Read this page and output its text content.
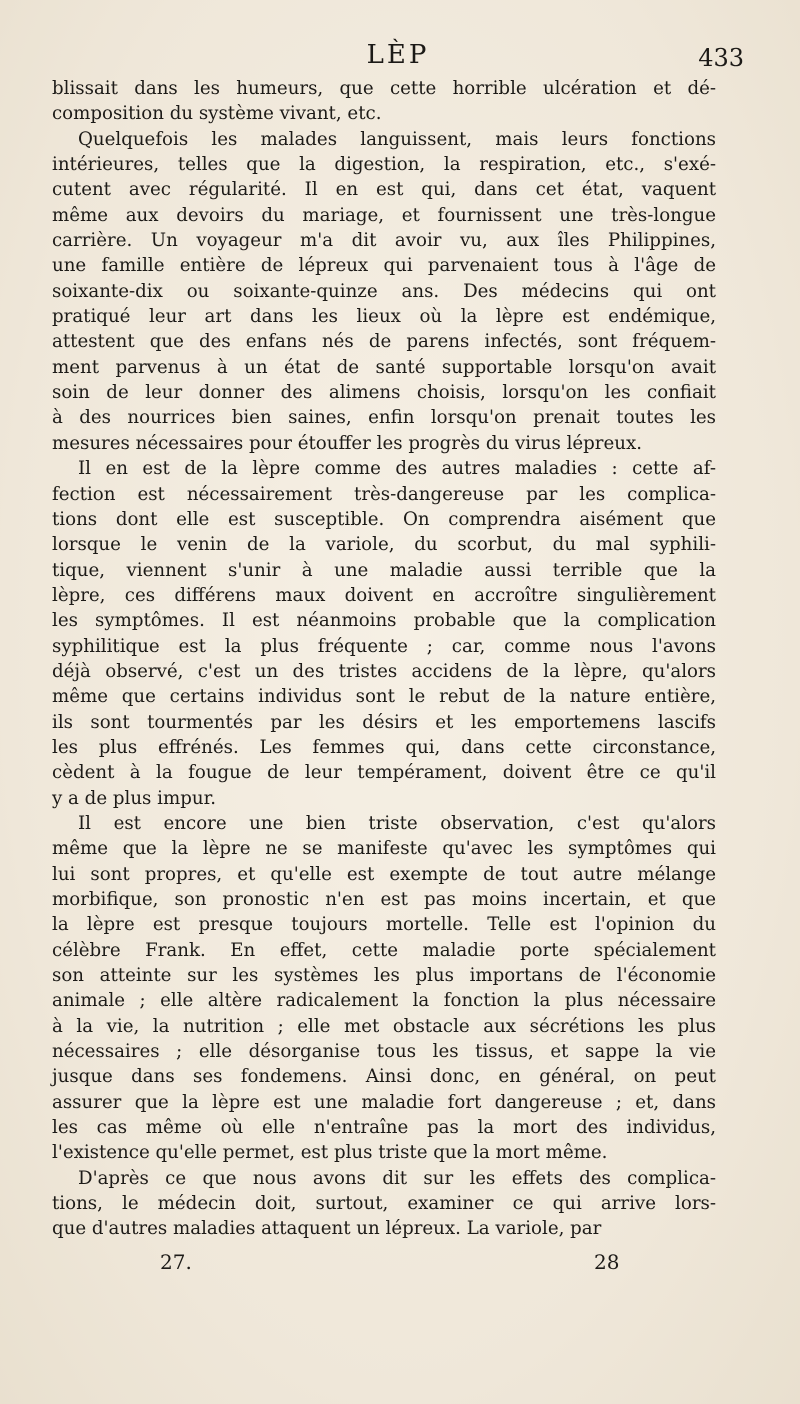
LÈP	433
blissait dans les humeurs, que cette horrible ulcération et dé-
composition du système vivant, etc.
Quelquefois les malades languissent, mais leurs fonctions
intérieures, telles que la digestion, la respiration, etc., s'exé-
cutent avec régularité. Il en est qui, dans cet état, vaquent
même aux devoirs du mariage, et fournissent une très-longue
carrière. Un voyageur m'a dit avoir vu, aux îles Philippines,
une famille entière de lépreux qui parvenaient tous à l'âge de
soixante-dix ou soixante-quinze ans. Des médecins qui ont
pratiqué leur art dans les lieux où la lèpre est endémique,
attestent que des enfans nés de parens infectés, sont fréquem-
ment parvenus à un état de santé supportable lorsqu'on avait
soin de leur donner des alimens choisis, lorsqu'on les confiait
à des nourrices bien saines, enfin lorsqu'on prenait toutes les
mesures nécessaires pour étouffer les progrès du virus lépreux.
Il en est de la lèpre comme des autres maladies : cette af-
fection est nécessairement très-dangereuse par les complica-
tions dont elle est susceptible. On comprendra aisément que
lorsque le venin de la variole, du scorbut, du mal syphili-
tique, viennent s'unir à une maladie aussi terrible que la
lèpre, ces différens maux doivent en accroître singulièrement
les symptômes. Il est néanmoins probable que la complication
syphilitique est la plus fréquente ; car, comme nous l'avons
déjà observé, c'est un des tristes accidens de la lèpre, qu'alors
même que certains individus sont le rebut de la nature entière,
ils sont tourmentés par les désirs et les emportemens lascifs
les plus effrénés. Les femmes qui, dans cette circonstance,
cèdent à la fougue de leur tempérament, doivent être ce qu'il
y a de plus impur.
Il est encore une bien triste observation, c'est qu'alors
même que la lèpre ne se manifeste qu'avec les symptômes qui
lui sont propres, et qu'elle est exempte de tout autre mélange
morbifique, son pronostic n'en est pas moins incertain, et que
la lèpre est presque toujours mortelle. Telle est l'opinion du
célèbre Frank. En effet, cette maladie porte spécialement
son atteinte sur les systèmes les plus importans de l'économie
animale ; elle altère radicalement la fonction la plus nécessaire
à la vie, la nutrition ; elle met obstacle aux sécrétions les plus
nécessaires ; elle désorganise tous les tissus, et sappe la vie
jusque dans ses fondemens. Ainsi donc, en général, on peut
assurer que la lèpre est une maladie fort dangereuse ; et, dans
les cas même où elle n'entraîne pas la mort des individus,
l'existence qu'elle permet, est plus triste que la mort même.
D'après ce que nous avons dit sur les effets des complica-
tions, le médecin doit, surtout, examiner ce qui arrive lors-
que d'autres maladies attaquent un lépreux. La variole, par
27.	28
